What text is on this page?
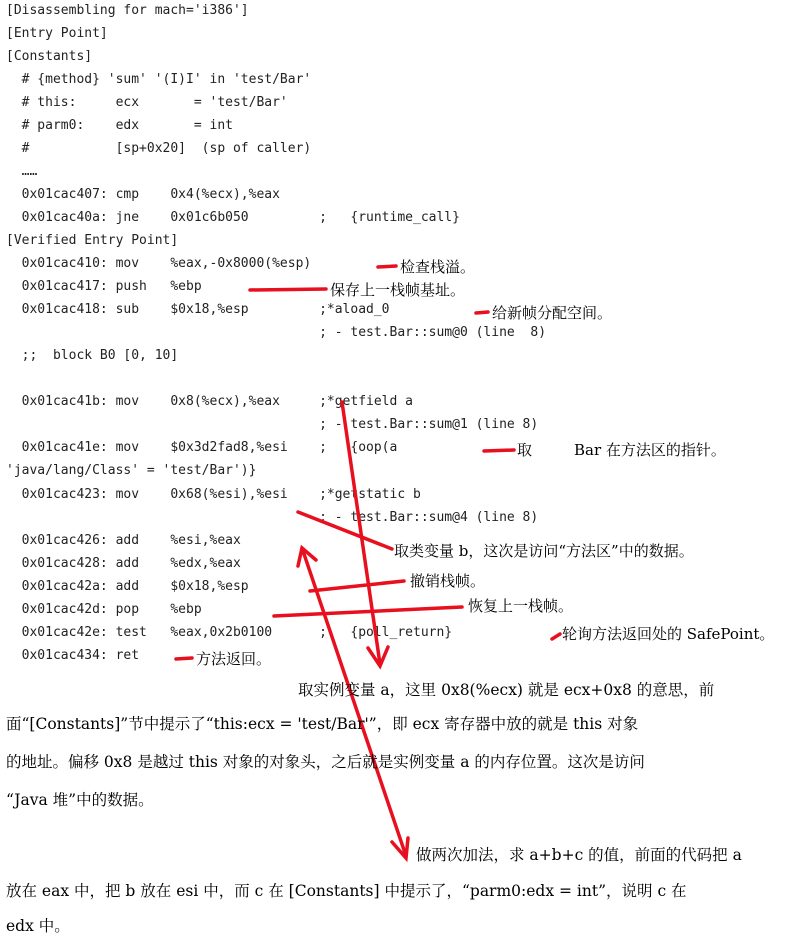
[Disassembling for mach='i386']
[Entry Point]
[Constants]
# {method} 'sum' '(I)I' in 'test/Bar'
# this:     ecx       = 'test/Bar'
# parm0:    edx       = int
#           [sp+0x20]  (sp of caller)
……
0x01cac407: cmp    0x4(%ecx),%eax
0x01cac40a: jne    0x01c6b050         ;   {runtime_call}
[Verified Entry Point]
0x01cac410: mov    %eax,-0x8000(%esp)
0x01cac417: push   %ebp
0x01cac418: sub    $0x18,%esp         ;*aload_0
; - test.Bar::sum@0 (line  8)
;;  block B0 [0, 10]
0x01cac41b: mov    0x8(%ecx),%eax     ;*getfield a
; - test.Bar::sum@1 (line 8)
0x01cac41e: mov    $0x3d2fad8,%esi    ;   {oop(a
'java/lang/Class' = 'test/Bar')}
0x01cac423: mov    0x68(%esi),%esi    ;*getstatic b
; - test.Bar::sum@4 (line 8)
0x01cac426: add    %esi,%eax
0x01cac428: add    %edx,%eax
0x01cac42a: add    $0x18,%esp
0x01cac42d: pop    %ebp
0x01cac42e: test   %eax,0x2b0100      ;   {poll_return}
0x01cac434: ret
检查栈溢。
保存上一栈帧基址。
给新帧分配空间。
取	Bar 在方法区的指针。
取类变量 b，这次是访问“方法区”中的数据。
撤销栈帧。
恢复上一栈帧。
轮询方法返回处的 SafePoint。
方法返回。
取实例变量 a，这里 0x8(%ecx) 就是 ecx+0x8 的意思，前
面“[Constants]”节中提示了“this:ecx = 'test/Bar'”，即 ecx 寄存器中放的就是 this 对象
的地址。偏移 0x8 是越过 this 对象的对象头，之后就是实例变量 a 的内存位置。这次是访问
“Java 堆”中的数据。
做两次加法，求 a+b+c 的值，前面的代码把 a
放在 eax 中，把 b 放在 esi 中，而 c 在 [Constants] 中提示了，“parm0:edx = int”，说明 c 在
edx 中。
